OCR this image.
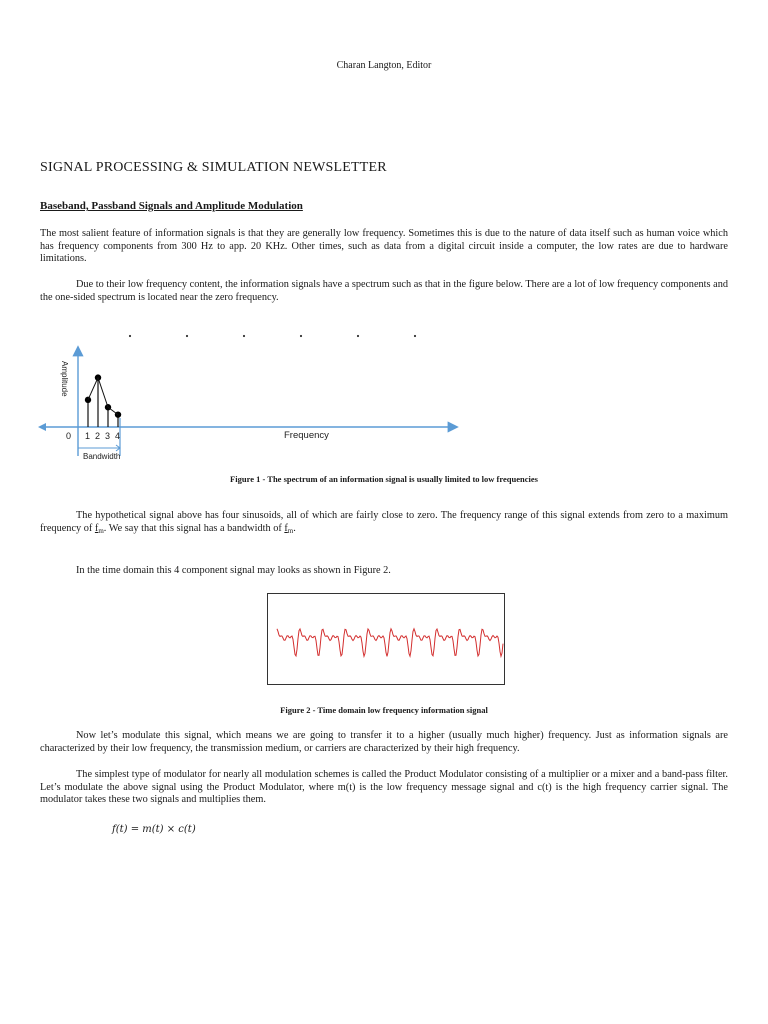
Charan Langton, Editor
SIGNAL PROCESSING & SIMULATION NEWSLETTER
Baseband, Passband Signals and Amplitude Modulation
The most salient feature of information signals is that they are generally low frequency. Sometimes this is due to the nature of data itself such as human voice which has frequency components from 300 Hz to app. 20 KHz. Other times, such as data from a digital circuit inside a computer, the low rates are due to hardware limitations.
Due to their low frequency content, the information signals have a spectrum such as that in the figure below. There are a lot of low frequency components and the one-sided spectrum is located near the zero frequency.
1 2 3 4
Amplitude
0	Frequency
Bandwidth
Figure 1 - The spectrum of an information signal is usually limited to low frequencies
The hypothetical signal above has four sinusoids, all of which are fairly close to zero. The frequency range of this signal extends from zero to a maximum frequency of $f_m$. We say that this signal has a bandwidth of $f_m$.
In the time domain this 4 component signal may looks as shown in Figure 2.
Figure 2 - Time domain low frequency information signal
Now let’s modulate this signal, which means we are going to transfer it to a higher (usually much higher) frequency. Just as information signals are characterized by their low frequency, the transmission medium, or carriers are characterized by their high frequency.
The simplest type of modulator for nearly all modulation schemes is called the Product Modulator consisting of a multiplier or a mixer and a band-pass filter. Let’s modulate the above signal using the Product Modulator, where m(t) is the low frequency message signal and c(t) is the high frequency carrier signal. The modulator takes these two signals and multiplies them.
f(t) = m(t) × c(t)
